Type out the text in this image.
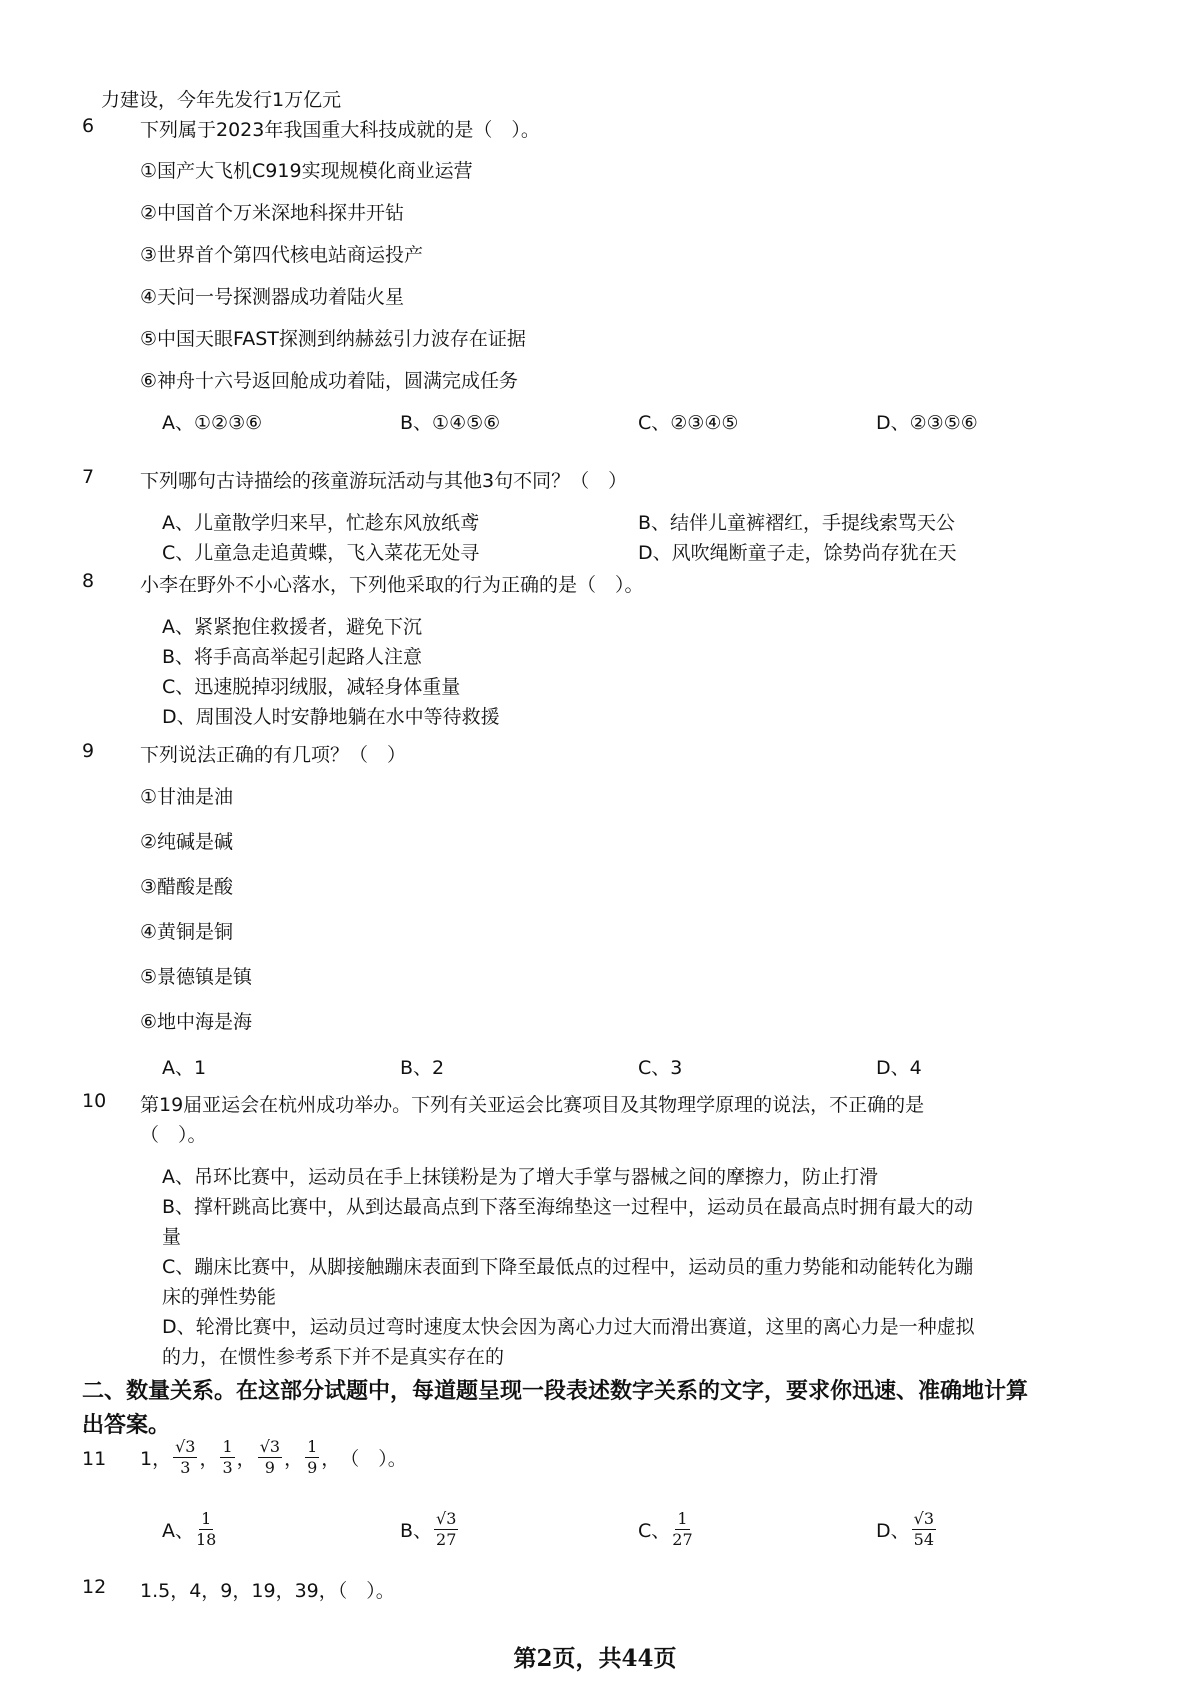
力建设，今年先发行1万亿元
6 下列属于2023年我国重大科技成就的是（　）。
①国产大飞机C919实现规模化商业运营
②中国首个万米深地科探井开钻
③世界首个第四代核电站商运投产
④天问一号探测器成功着陆火星
⑤中国天眼FAST探测到纳赫兹引力波存在证据
⑥神舟十六号返回舱成功着陆，圆满完成任务
A、①②③⑥	B、①④⑤⑥	C、②③④⑤	D、②③⑤⑥
7 下列哪句古诗描绘的孩童游玩活动与其他3句不同？（　）
A、儿童散学归来早，忙趁东风放纸鸢	B、结伴儿童裤褶红，手提线索骂天公
C、儿童急走追黄蝶，飞入菜花无处寻	D、风吹绳断童子走，馀势尚存犹在天
8 小李在野外不小心落水，下列他采取的行为正确的是（　）。
A、紧紧抱住救援者，避免下沉
B、将手高高举起引起路人注意
C、迅速脱掉羽绒服，减轻身体重量
D、周围没人时安静地躺在水中等待救援
9 下列说法正确的有几项？（　）
①甘油是油
②纯碱是碱
③醋酸是酸
④黄铜是铜
⑤景德镇是镇
⑥地中海是海
A、1	B、2	C、3	D、4
10 第19届亚运会在杭州成功举办。下列有关亚运会比赛项目及其物理学原理的说法，不正确的是
（　）。
A、吊环比赛中，运动员在手上抹镁粉是为了增大手掌与器械之间的摩擦力，防止打滑
B、撑杆跳高比赛中，从到达最高点到下落至海绵垫这一过程中，运动员在最高点时拥有最大的动
量
C、蹦床比赛中，从脚接触蹦床表面到下降至最低点的过程中，运动员的重力势能和动能转化为蹦
床的弹性势能
D、轮滑比赛中，运动员过弯时速度太快会因为离心力过大而滑出赛道，这里的离心力是一种虚拟
的力，在惯性参考系下并不是真实存在的
二、数量关系。在这部分试题中，每道题呈现一段表述数字关系的文字，要求你迅速、准确地计算
出答案。
11 1， $\frac{√3}{3}$ ， $\frac{1}{3}$ ， $\frac{√3}{9}$ ， $\frac{1}{9}$ ， （　）。
A、 $\frac{1}{18}$	B、 $\frac{√3}{27}$	C、 $\frac{1}{27}$	D、 $\frac{√3}{54}$
12 1.5，4，9，19，39，（　）。
第2页，共44页
